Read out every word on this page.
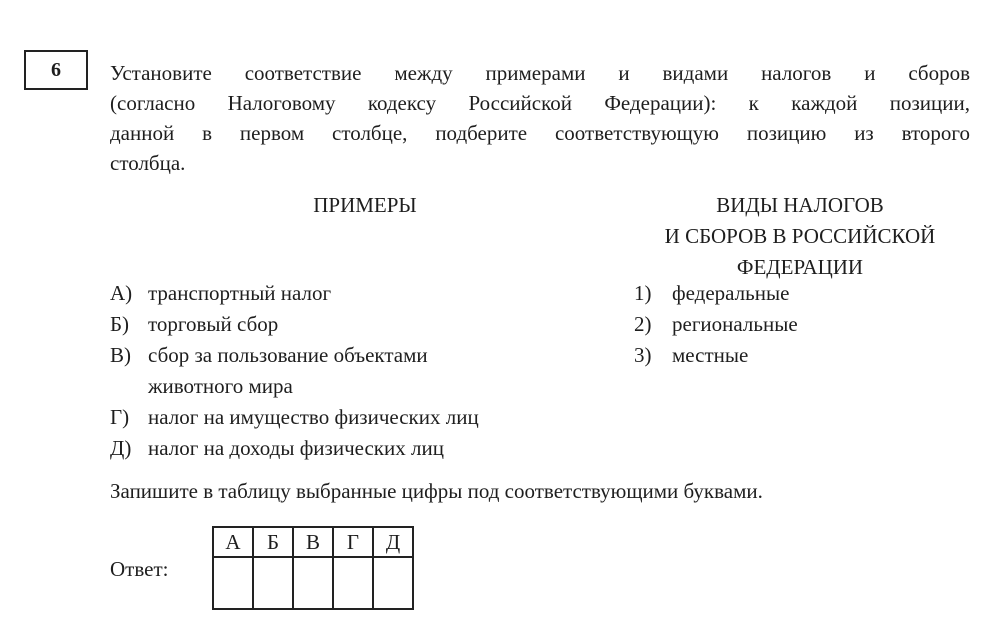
6 Установите соответствие между примерами и видами налогов и сборов
(согласно Налоговому кодексу Российской Федерации): к каждой позиции,
данной в первом столбце, подберите соответствующую позицию из второго
столбца.
ПРИМЕРЫ	ВИДЫ НАЛОГОВ
И СБОРОВ В РОССИЙСКОЙ
ФЕДЕРАЦИИ
А) транспортный налог
Б) торговый сбор
В) сбор за пользование объектами животного мира
Г) налог на имущество физических лиц
Д) налог на доходы физических лиц
1) федеральные
2) региональные
3) местные
Запишите в таблицу выбранные цифры под соответствующими буквами.
Ответ:
А	Б	В	Г	Д
